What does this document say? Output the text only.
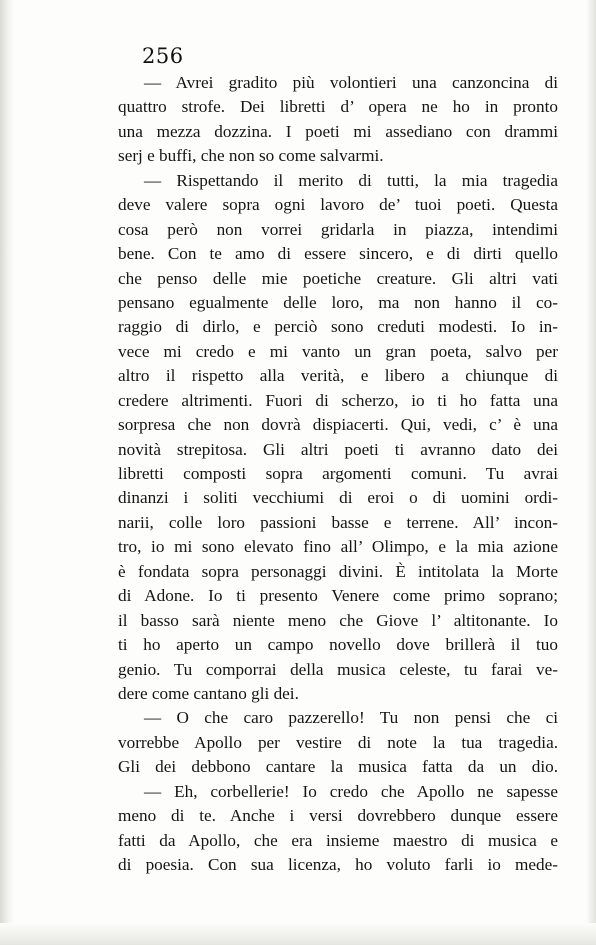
256
— Avrei gradito più volontieri una canzoncina di
quattro strofe. Dei libretti d’ opera ne ho in pronto
una mezza dozzina. I poeti mi assediano con drammi
serj e buffi, che non so come salvarmi.
— Rispettando il merito di tutti, la mia tragedia
deve valere sopra ogni lavoro de’ tuoi poeti. Questa
cosa però non vorrei gridarla in piazza, intendimi
bene. Con te amo di essere sincero, e di dirti quello
che penso delle mie poetiche creature. Gli altri vati
pensano egualmente delle loro, ma non hanno il co-
raggio di dirlo, e perciò sono creduti modesti. Io in-
vece mi credo e mi vanto un gran poeta, salvo per
altro il rispetto alla verità, e libero a chiunque di
credere altrimenti. Fuori di scherzo, io ti ho fatta una
sorpresa che non dovrà dispiacerti. Qui, vedi, c’ è una
novità strepitosa. Gli altri poeti ti avranno dato dei
libretti composti sopra argomenti comuni. Tu avrai
dinanzi i soliti vecchiumi di eroi o di uomini ordi-
narii, colle loro passioni basse e terrene. All’ incon-
tro, io mi sono elevato fino all’ Olimpo, e la mia azione
è fondata sopra personaggi divini. È intitolata la Morte
di Adone. Io ti presento Venere come primo soprano;
il basso sarà niente meno che Giove l’ altitonante. Io
ti ho aperto un campo novello dove brillerà il tuo
genio. Tu comporrai della musica celeste, tu farai ve-
dere come cantano gli dei.
— O che caro pazzerello! Tu non pensi che ci
vorrebbe Apollo per vestire di note la tua tragedia.
Gli dei debbono cantare la musica fatta da un dio.
— Eh, corbellerie! Io credo che Apollo ne sapesse
meno di te. Anche i versi dovrebbero dunque essere
fatti da Apollo, che era insieme maestro di musica e
di poesia. Con sua licenza, ho voluto farli io mede-
